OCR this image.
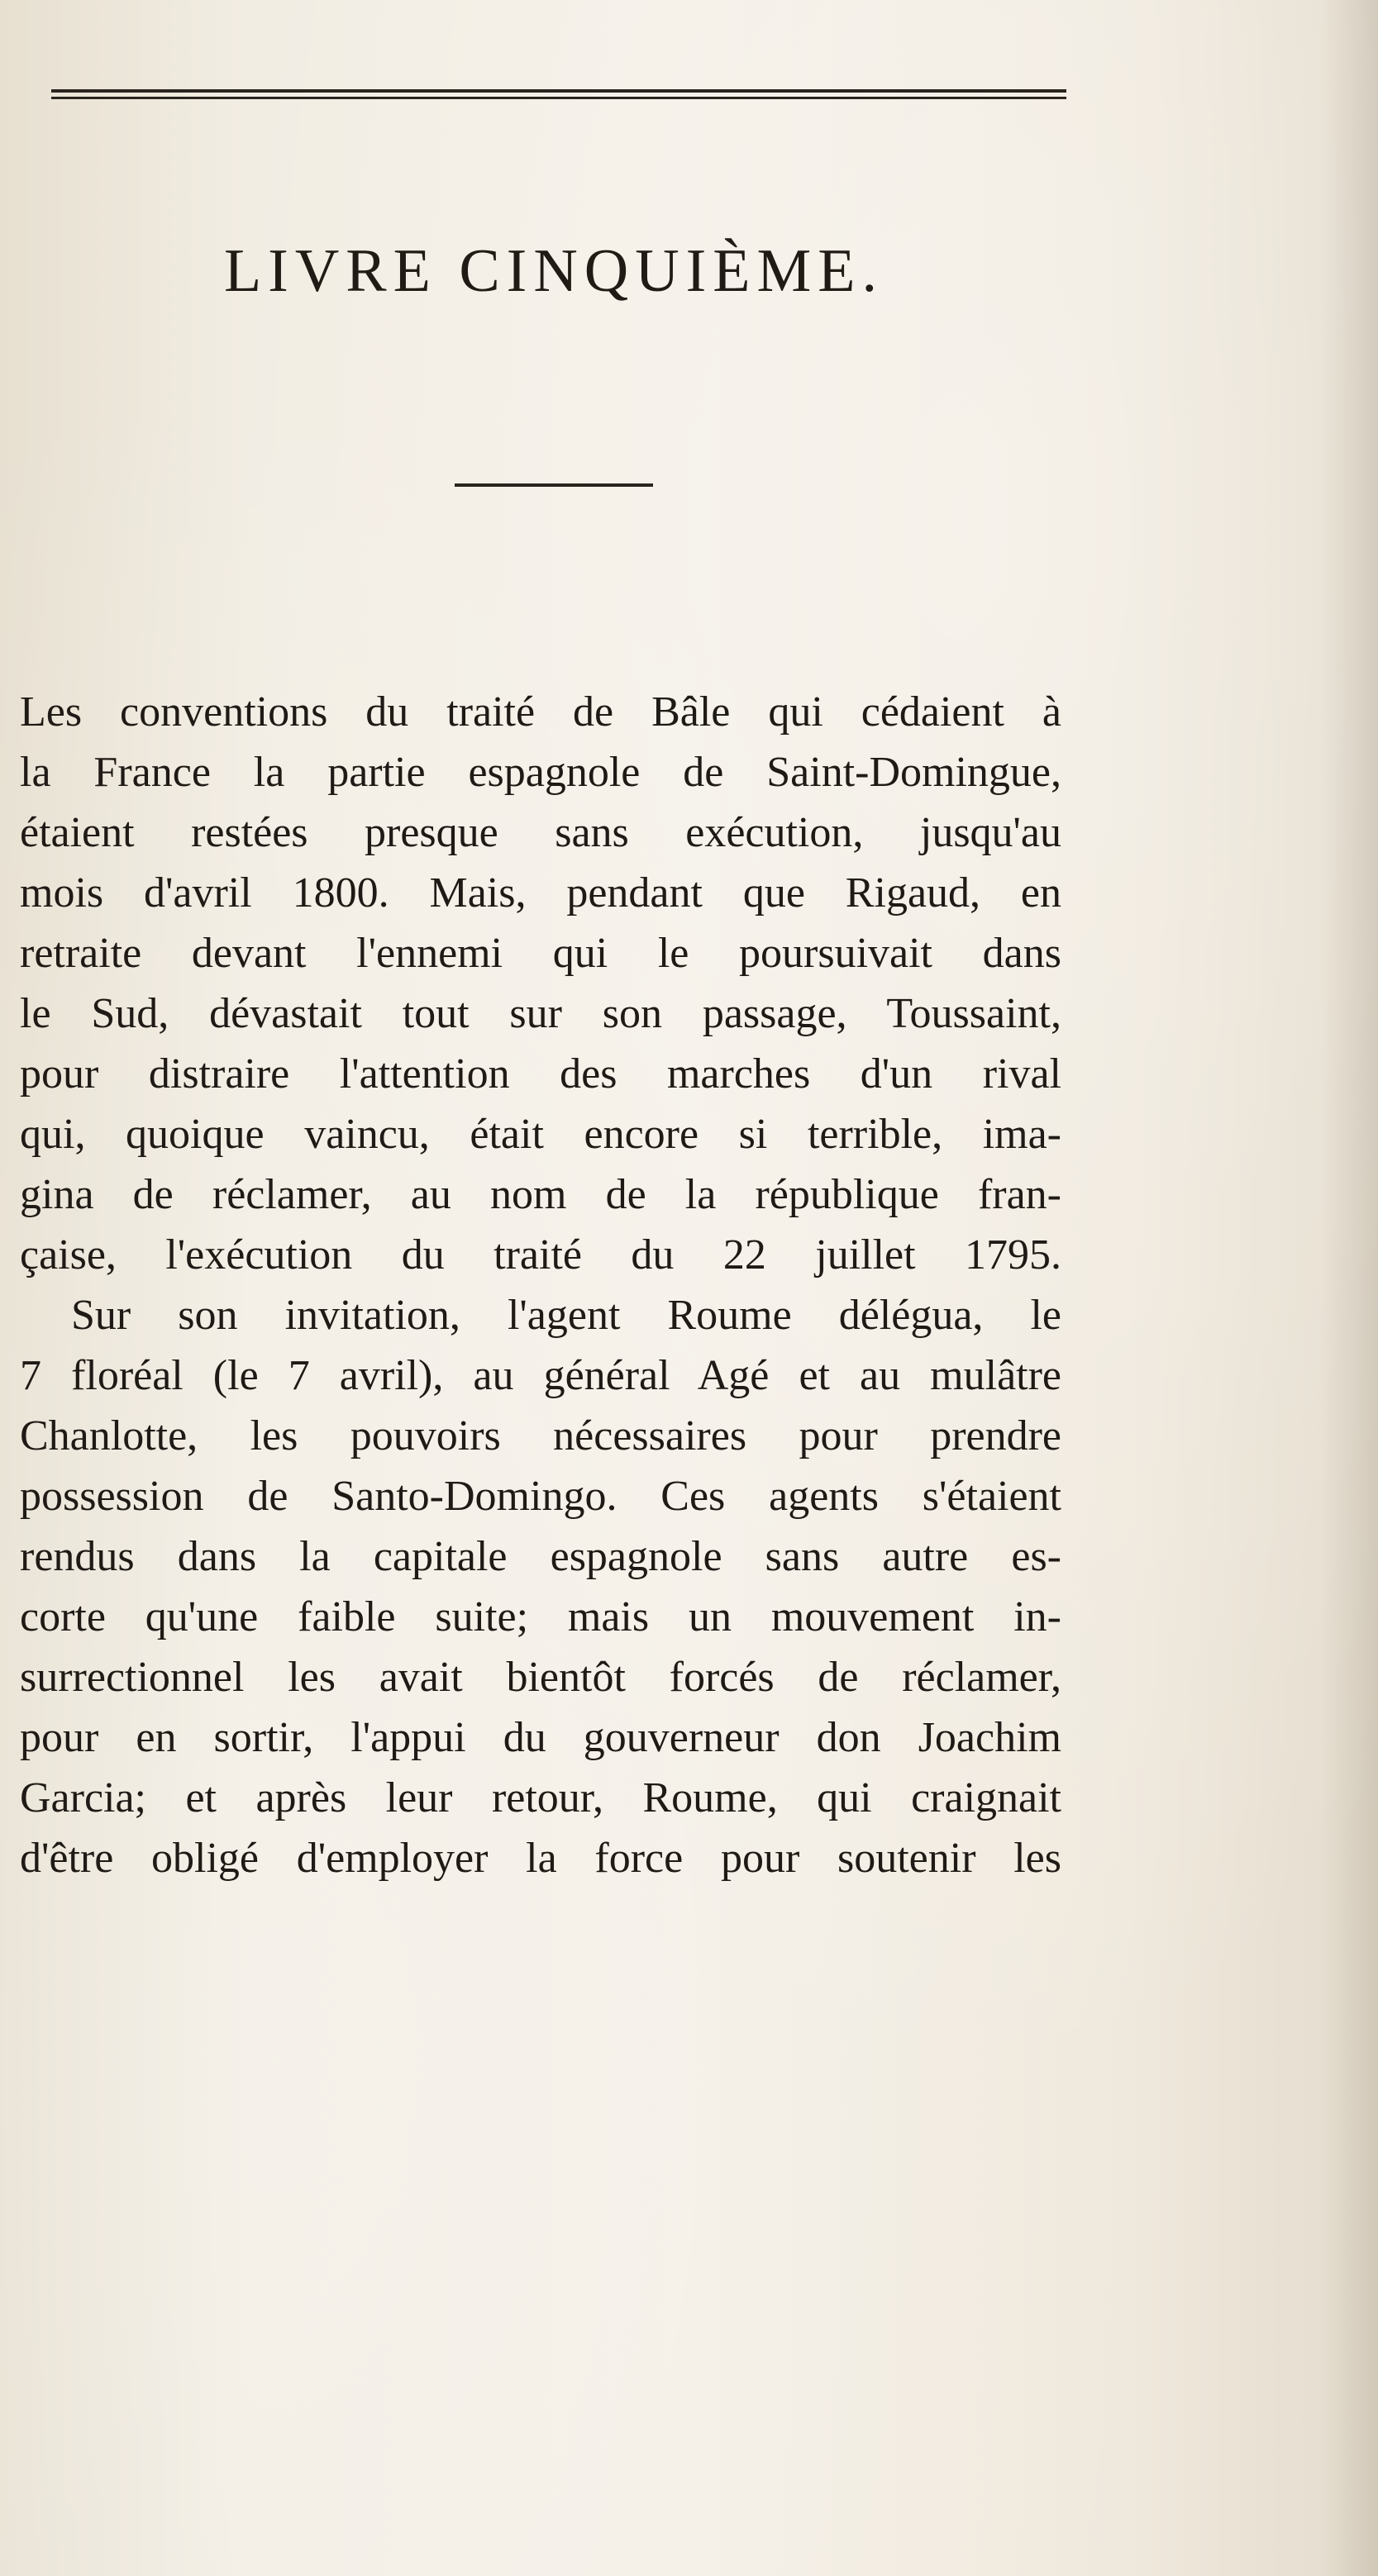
LIVRE CINQUIÈME.
Les conventions du traité de Bâle qui cédaient à
la France la partie espagnole de Saint-Domingue,
étaient restées presque sans exécution, jusqu'au
mois d'avril 1800. Mais, pendant que Rigaud, en
retraite devant l'ennemi qui le poursuivait dans
le Sud, dévastait tout sur son passage, Toussaint,
pour distraire l'attention des marches d'un rival
qui, quoique vaincu, était encore si terrible, ima-
gina de réclamer, au nom de la république fran-
çaise, l'exécution du traité du 22 juillet 1795.
Sur son invitation, l'agent Roume délégua, le
7 floréal (le 7 avril), au général Agé et au mulâtre
Chanlotte, les pouvoirs nécessaires pour prendre
possession de Santo-Domingo. Ces agents s'étaient
rendus dans la capitale espagnole sans autre es-
corte qu'une faible suite; mais un mouvement in-
surrectionnel les avait bientôt forcés de réclamer,
pour en sortir, l'appui du gouverneur don Joachim
Garcia; et après leur retour, Roume, qui craignait
d'être obligé d'employer la force pour soutenir les
